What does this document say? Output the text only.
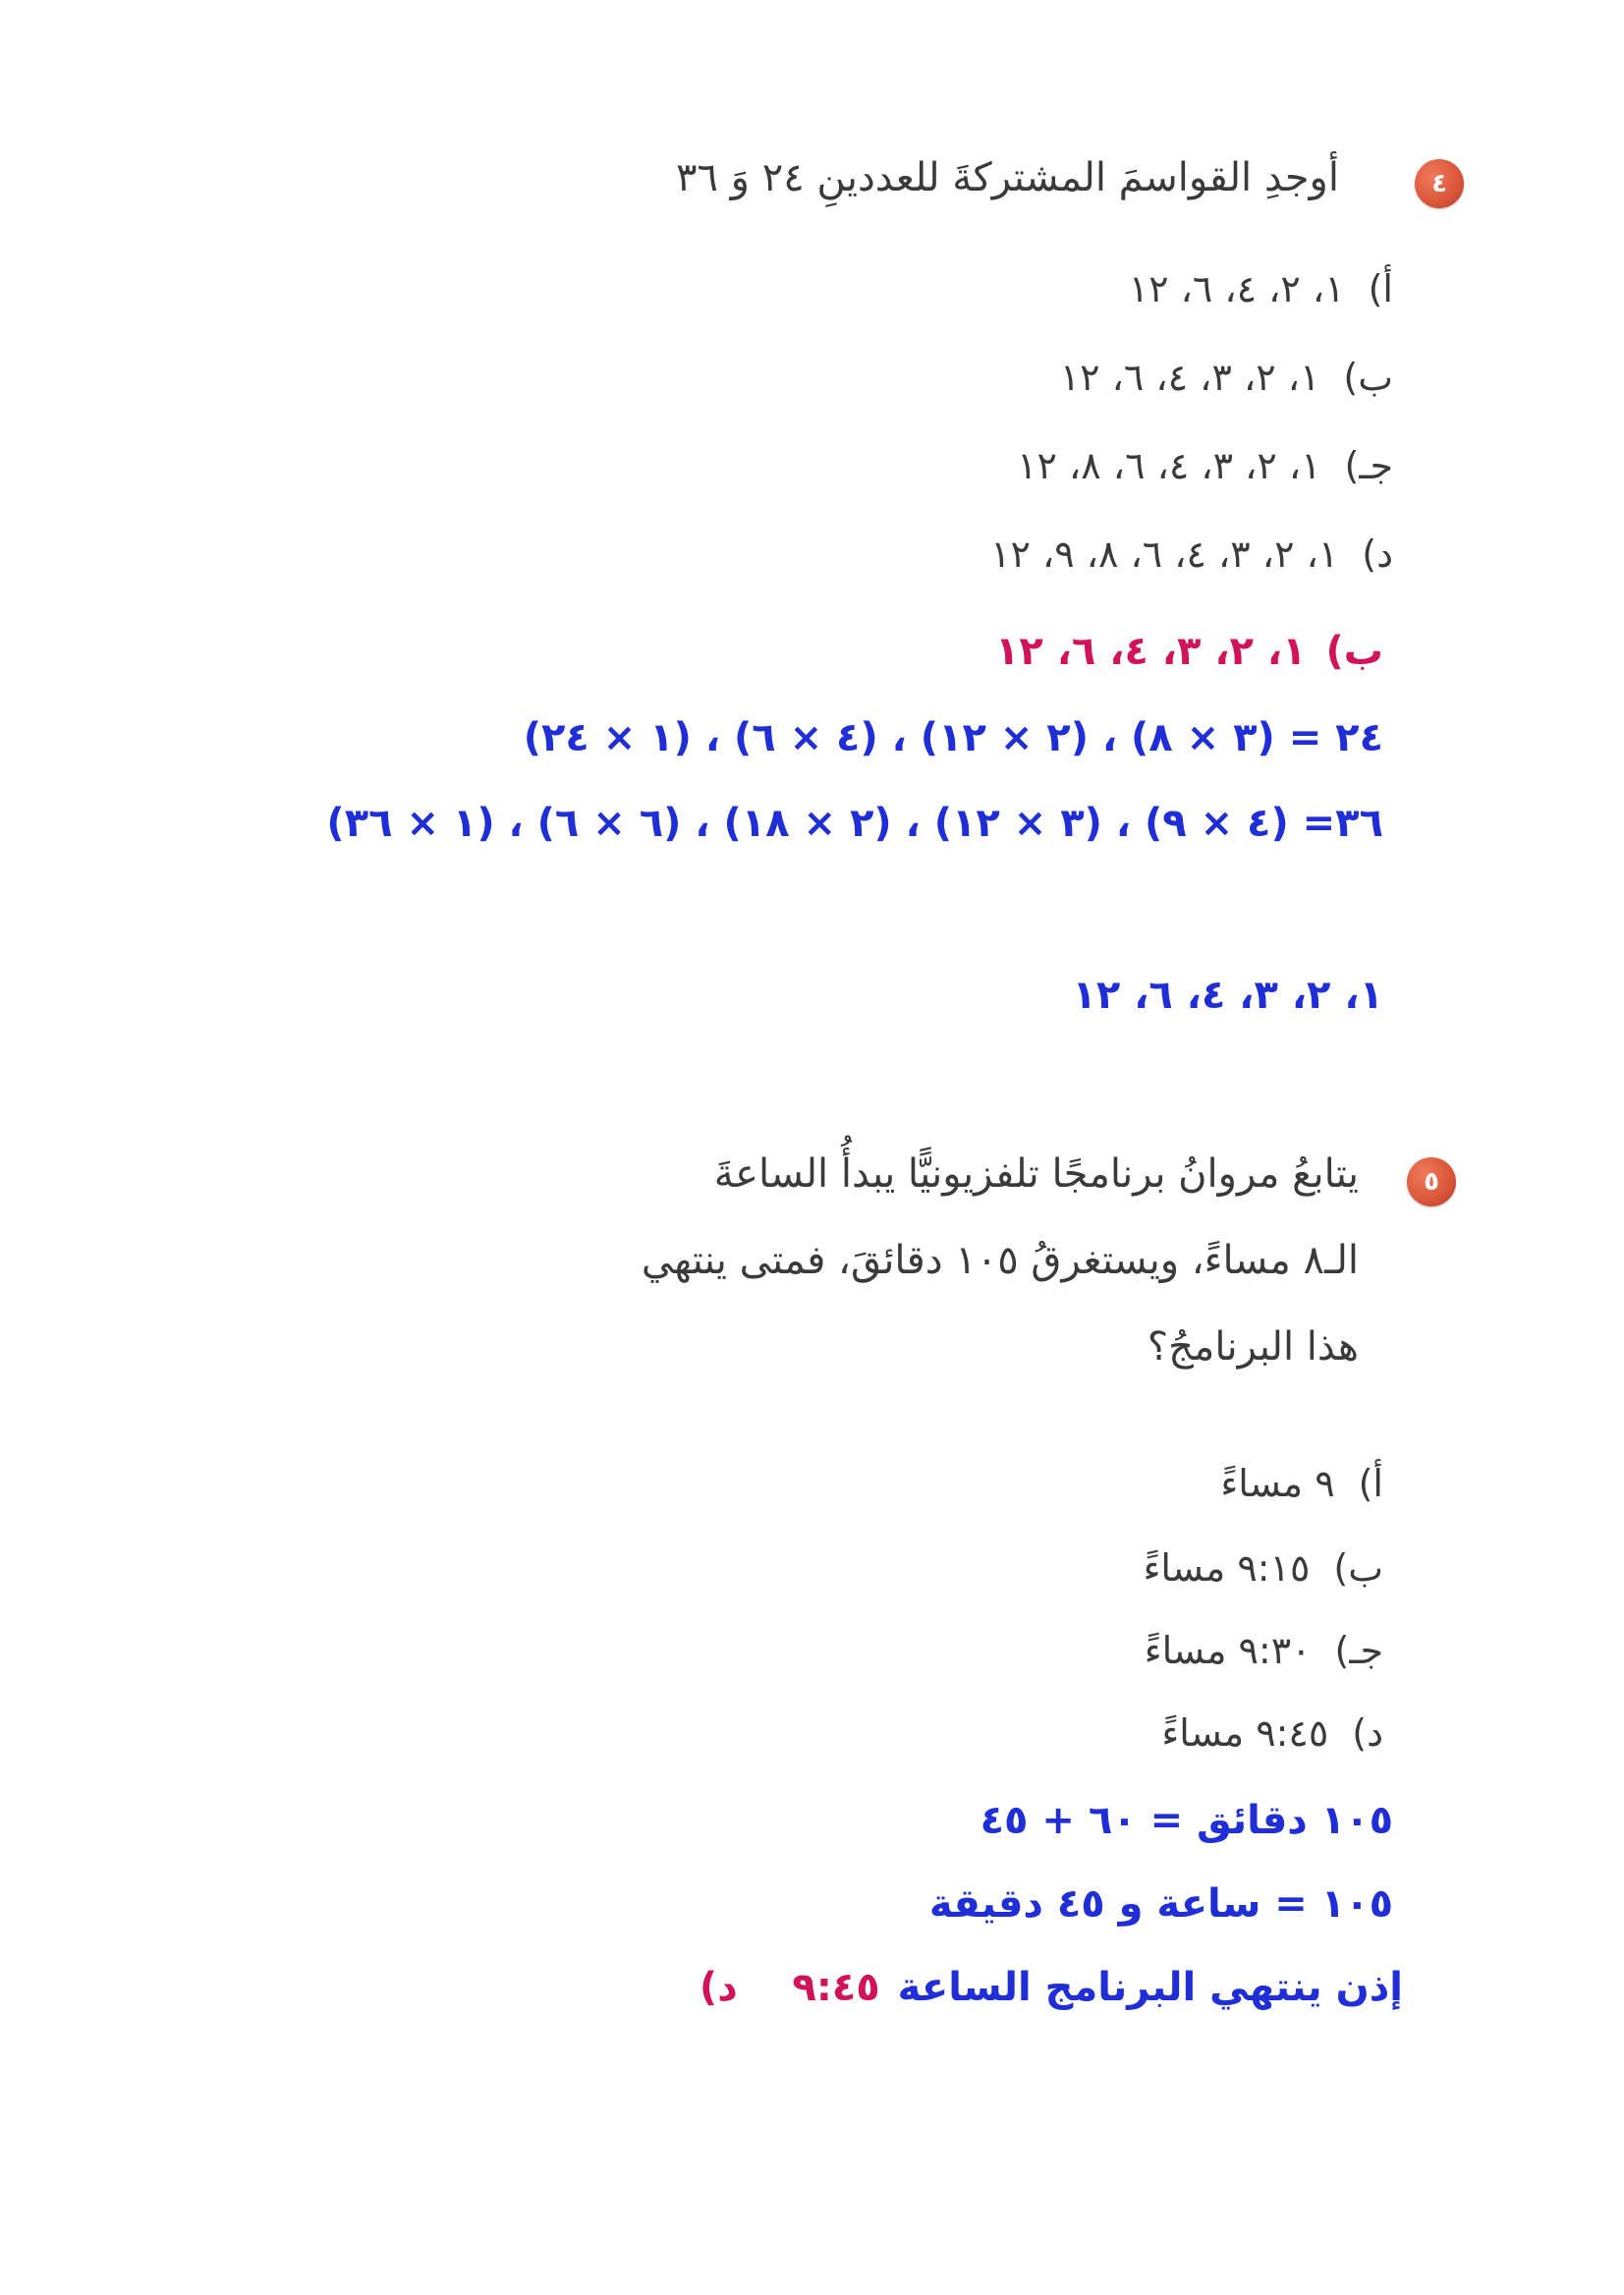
٤
أوجدِ القواسمَ المشتركةَ للعددينِ ٢٤ وَ ٣٦
أ)١، ٢، ٤، ٦، ١٢
ب)١، ٢، ٣، ٤، ٦، ١٢
جـ)١، ٢، ٣، ٤، ٦، ٨، ١٢
د)١، ٢، ٣، ٤، ٦، ٨، ٩، ١٢
ب)١، ٢، ٣، ٤، ٦، ١٢
٢٤ = (٣ × ٨) ، (٢ × ١٢) ، (٤ × ٦) ، (١ × ٢٤)
٣٦= (٤ × ٩) ، (٣ × ١٢) ، (٢ × ١٨) ، (٦ × ٦) ، (١ × ٣٦)
١، ٢، ٣، ٤، ٦، ١٢
٥
يتابعُ مروانُ برنامجًا تلفزيونيًّا يبدأُ الساعةَ
الـ٨ مساءً، ويستغرقُ ١٠٥ دقائقَ، فمتى ينتهي
هذا البرنامجُ؟
أ)٩ مساءً
ب)٩:١٥ مساءً
جـ)٩:٣٠ مساءً
د)٩:٤٥ مساءً
١٠٥ دقائق = ٦٠ + ٤٥
١٠٥ = ساعة و ٤٥ دقيقة
إذن ينتهي البرنامج الساعة٩:٤٥    د)
